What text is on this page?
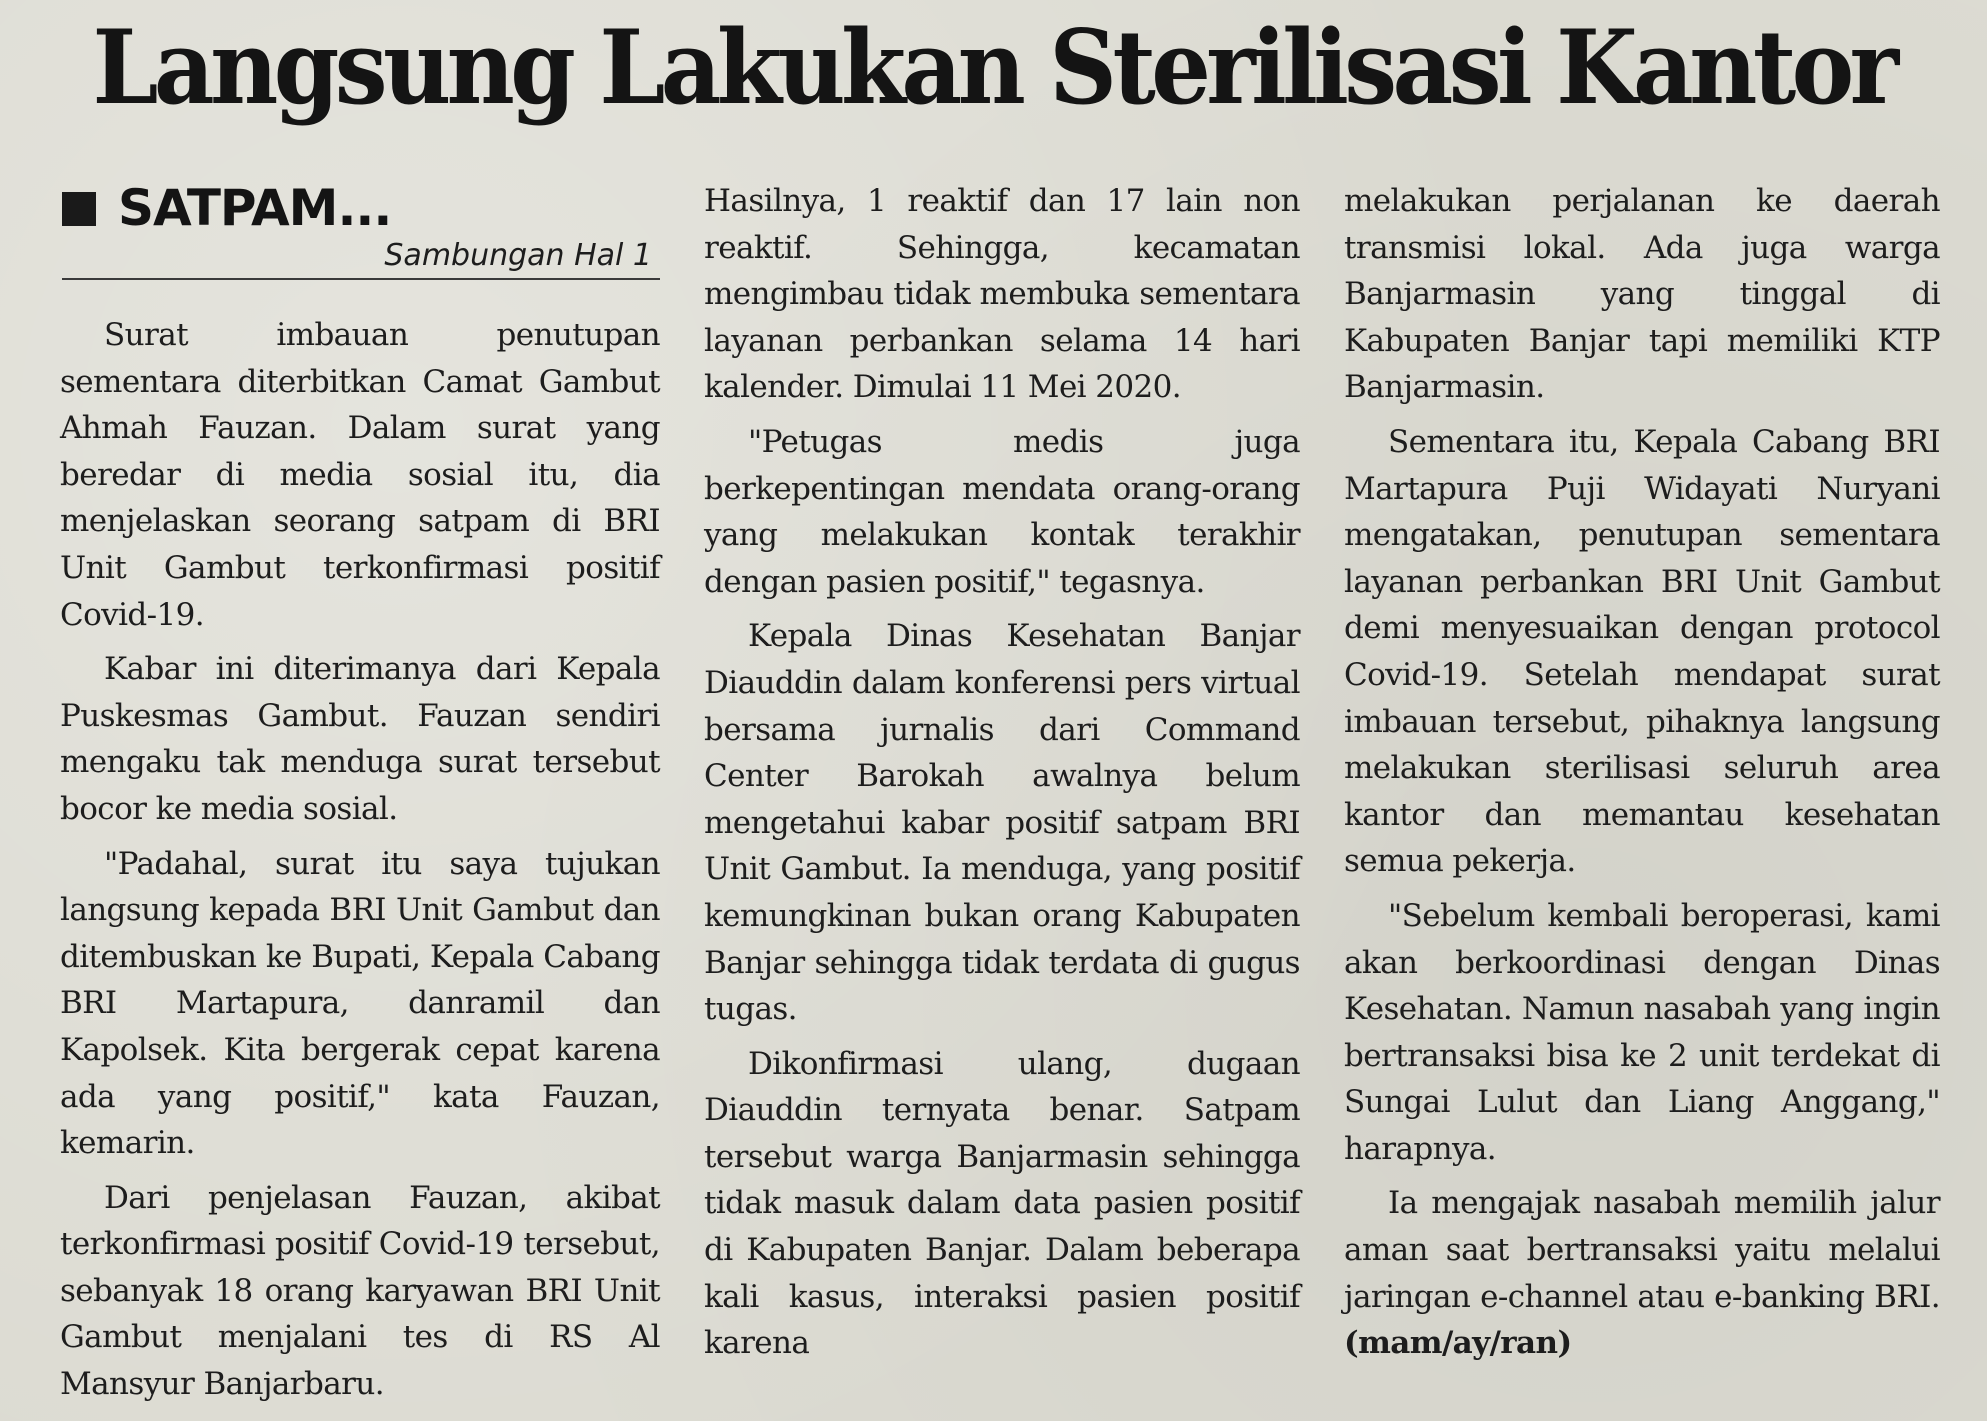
Langsung Lakukan Sterilisasi Kantor
SATPAM...
Sambungan Hal 1

Surat imbauan penutupan sementara diterbitkan Camat Gambut Ahmah Fauzan. Dalam surat yang beredar di media sosial itu, dia menjelaskan seorang satpam di BRI Unit Gambut terkonfirmasi positif Covid-19.

Kabar ini diterimanya dari Kepala Puskesmas Gambut. Fauzan sendiri mengaku tak menduga surat tersebut bocor ke media sosial.

"Padahal, surat itu saya tujukan langsung kepada BRI Unit Gambut dan ditembuskan ke Bupati, Kepala Cabang BRI Martapura, danramil dan Kapolsek. Kita bergerak cepat karena ada yang positif," kata Fauzan, kemarin.

Dari penjelasan Fauzan, akibat terkonfirmasi positif Covid-19 tersebut, sebanyak 18 orang karyawan BRI Unit Gambut menjalani tes di RS Al Mansyur Banjarbaru.

Hasilnya, 1 reaktif dan 17 lain non reaktif. Sehingga, kecamatan mengimbau tidak membuka sementara layanan perbankan selama 14 hari kalender. Dimulai 11 Mei 2020.

"Petugas medis juga berkepentingan mendata orang-orang yang melakukan kontak terakhir dengan pasien positif," tegasnya.

Kepala Dinas Kesehatan Banjar Diauddin dalam konferensi pers virtual bersama jurnalis dari Command Center Barokah awalnya belum mengetahui kabar positif satpam BRI Unit Gambut. Ia menduga, yang positif kemungkinan bukan orang Kabupaten Banjar sehingga tidak terdata di gugus tugas.

Dikonfirmasi ulang, dugaan Diauddin ternyata benar. Satpam tersebut warga Banjarmasin sehingga tidak masuk dalam data pasien positif di Kabupaten Banjar. Dalam beberapa kali kasus, interaksi pasien positif karena

melakukan perjalanan ke daerah transmisi lokal. Ada juga warga Banjarmasin yang tinggal di Kabupaten Banjar tapi memiliki KTP Banjarmasin.

Sementara itu, Kepala Cabang BRI Martapura Puji Widayati Nuryani mengatakan, penutupan sementara layanan perbankan BRI Unit Gambut demi menyesuaikan dengan protocol Covid-19. Setelah mendapat surat imbauan tersebut, pihaknya langsung melakukan sterilisasi seluruh area kantor dan memantau kesehatan semua pekerja.

"Sebelum kembali beroperasi, kami akan berkoordinasi dengan Dinas Kesehatan. Namun nasabah yang ingin bertransaksi bisa ke 2 unit terdekat di Sungai Lulut dan Liang Anggang," harapnya.

Ia mengajak nasabah memilih jalur aman saat bertransaksi yaitu melalui jaringan e-channel atau e-banking BRI. (mam/ay/ran)
